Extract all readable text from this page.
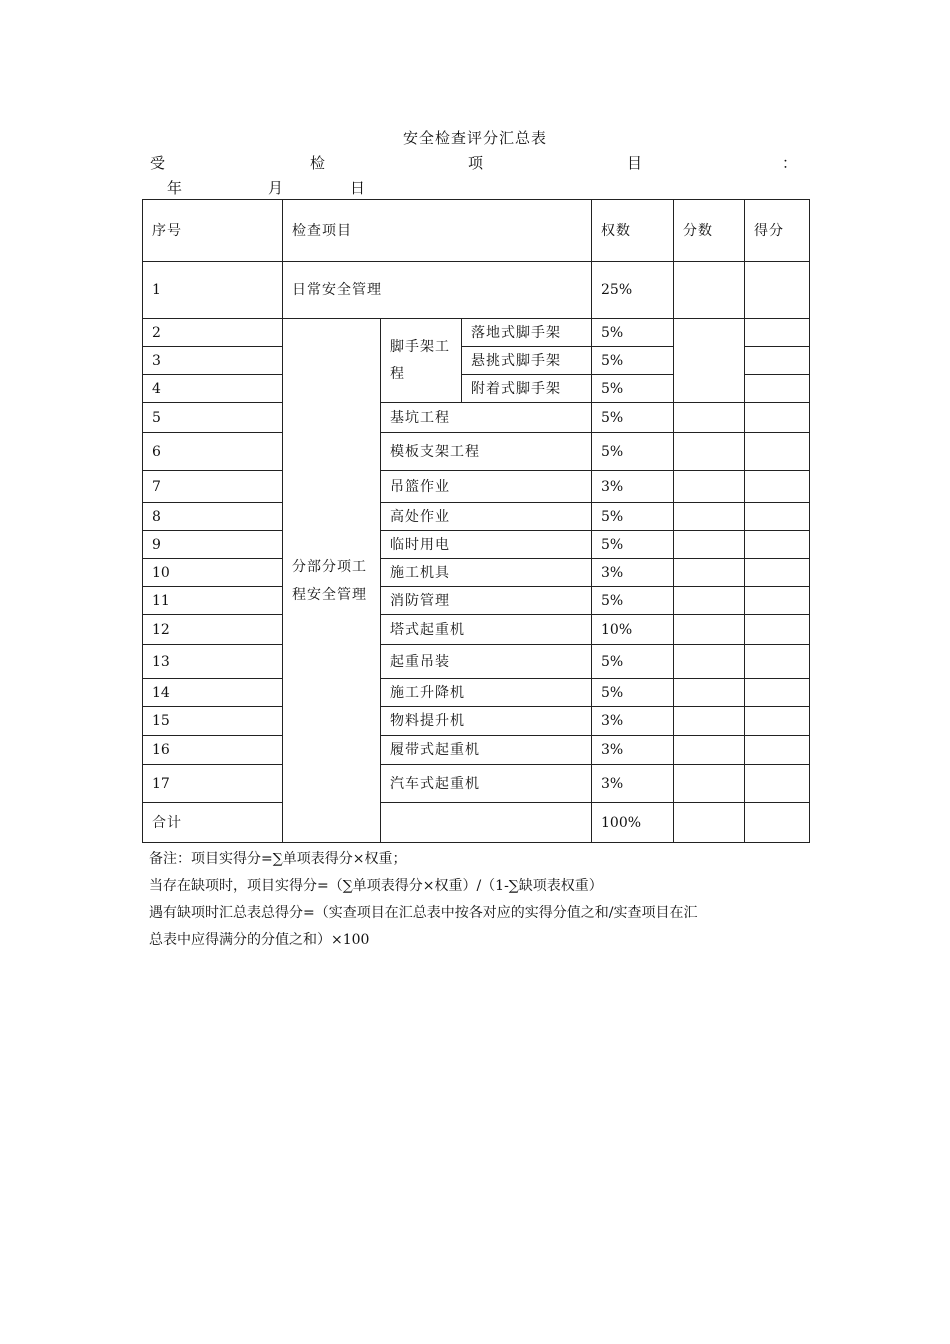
安全检查评分汇总表
受	检	项	目	：
年	月	日
序号	检查项目			权数	分数	得分
1	日常安全管理			25%		
2	分部分项工程安全管理	脚手架工程	落地式脚手架	5%		
3			悬挑式脚手架	5%		
4			附着式脚手架	5%		
5		基坑工程		5%		
6		模板支架工程		5%		
7		吊篮作业		3%		
8		高处作业		5%		
9		临时用电		5%		
10		施工机具		3%		
11		消防管理		5%		
12		塔式起重机		10%		
13		起重吊装		5%		
14		施工升降机		5%		
15		物料提升机		3%		
16		履带式起重机		3%		
17		汽车式起重机		3%		
合计				100%		
备注：项目实得分=∑单项表得分×权重；
当存在缺项时，项目实得分=（∑单项表得分×权重）/（1-∑缺项表权重）
遇有缺项时汇总表总得分=（实查项目在汇总表中按各对应的实得分值之和/实查项目在汇
总表中应得满分的分值之和）×100
